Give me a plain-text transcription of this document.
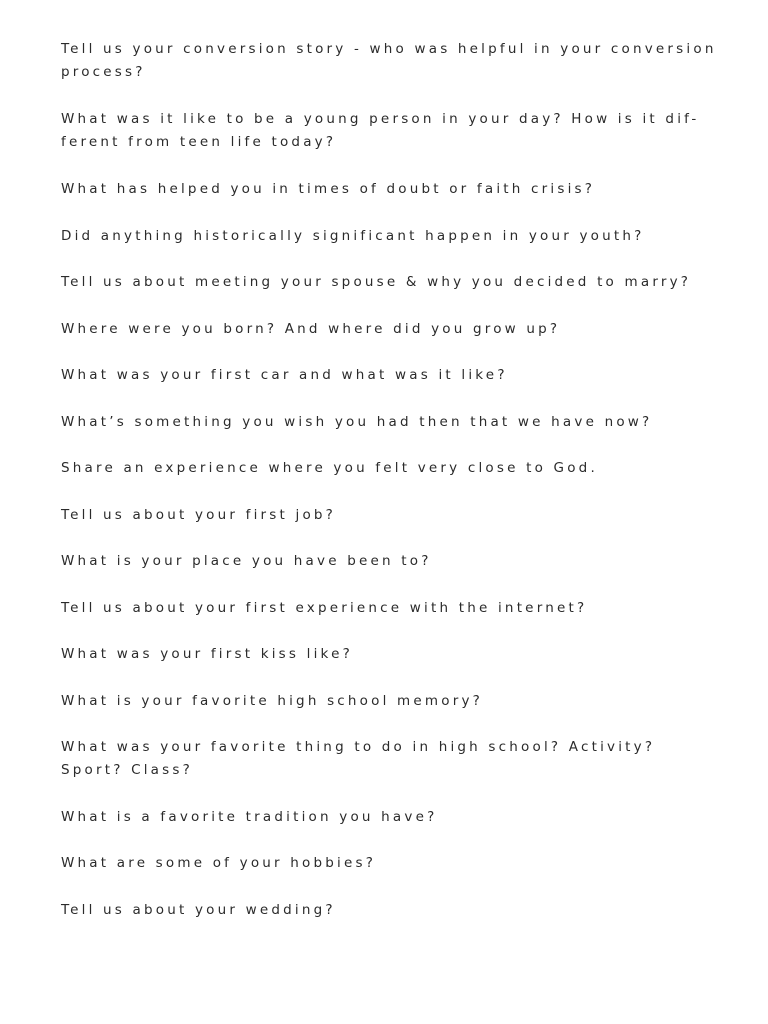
Tell us your conversion story - who was helpful in your conversion
process?

What was it like to be a young person in your day? How is it dif-
ferent from teen life today?

What has helped you in times of doubt or faith crisis?

Did anything historically significant happen in your youth?

Tell us about meeting your spouse & why you decided to marry?

Where were you born? And where did you grow up?

What was your first car and what was it like?

What’s something you wish you had then that we have now?

Share an experience where you felt very close to God.

Tell us about your first job?

What is your place you have been to?

Tell us about your first experience with the internet?

What was your first kiss like?

What is your favorite high school memory?

What was your favorite thing to do in high school? Activity?
Sport? Class?

What is a favorite tradition you have?

What are some of your hobbies?

Tell us about your wedding?
